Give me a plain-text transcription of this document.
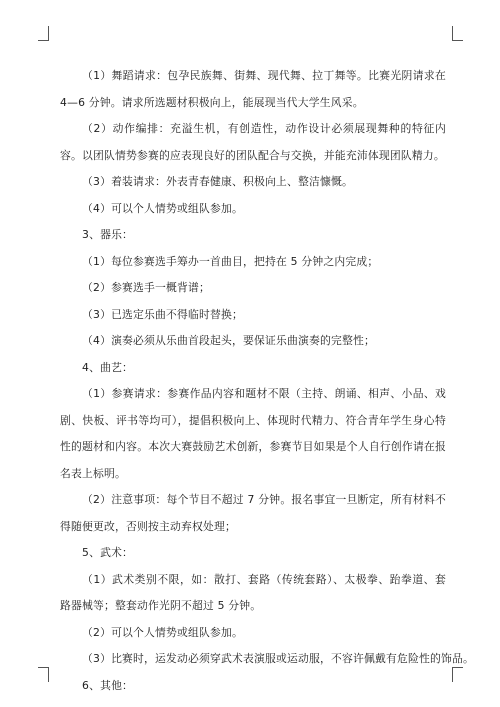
（1）舞蹈请求：包孕民族舞、街舞、现代舞、拉丁舞等。比赛光阴请求在 4—6 分钟。请求所选题材积极向上，能展现当代大学生风采。

（2）动作编排：充溢生机，有创造性，动作设计必须展现舞种的特征内容。以团队情势参赛的应表现良好的团队配合与交换，并能充沛体现团队精力。

（3）着装请求：外表青春健康、积极向上、整洁慷慨。

（4）可以个人情势或组队参加。

3、器乐：

（1）每位参赛选手筹办一首曲目，把持在 5 分钟之内完成；

（2）参赛选手一概背谱；

（3）已选定乐曲不得临时替换；

（4）演奏必须从乐曲首段起头，要保证乐曲演奏的完整性；

4、曲艺：

（1）参赛请求：参赛作品内容和题材不限（主持、朗诵、相声、小品、戏剧、快板、评书等均可），提倡积极向上、体现时代精力、符合青年学生身心特性的题材和内容。本次大赛鼓励艺术创新，参赛节目如果是个人自行创作请在报名表上标明。

（2）注意事项：每个节目不超过 7 分钟。报名事宜一旦断定，所有材料不得随便更改，否则按主动弃权处理；

5、武术：

（1）武术类别不限，如：散打、套路（传统套路）、太极拳、跆拳道、套路器械等；整套动作光阴不超过 5 分钟。

（2）可以个人情势或组队参加。

（3）比赛时，运发动必须穿武术表演服或运动服，不容许佩戴有危险性的饰品。

6、其他：
